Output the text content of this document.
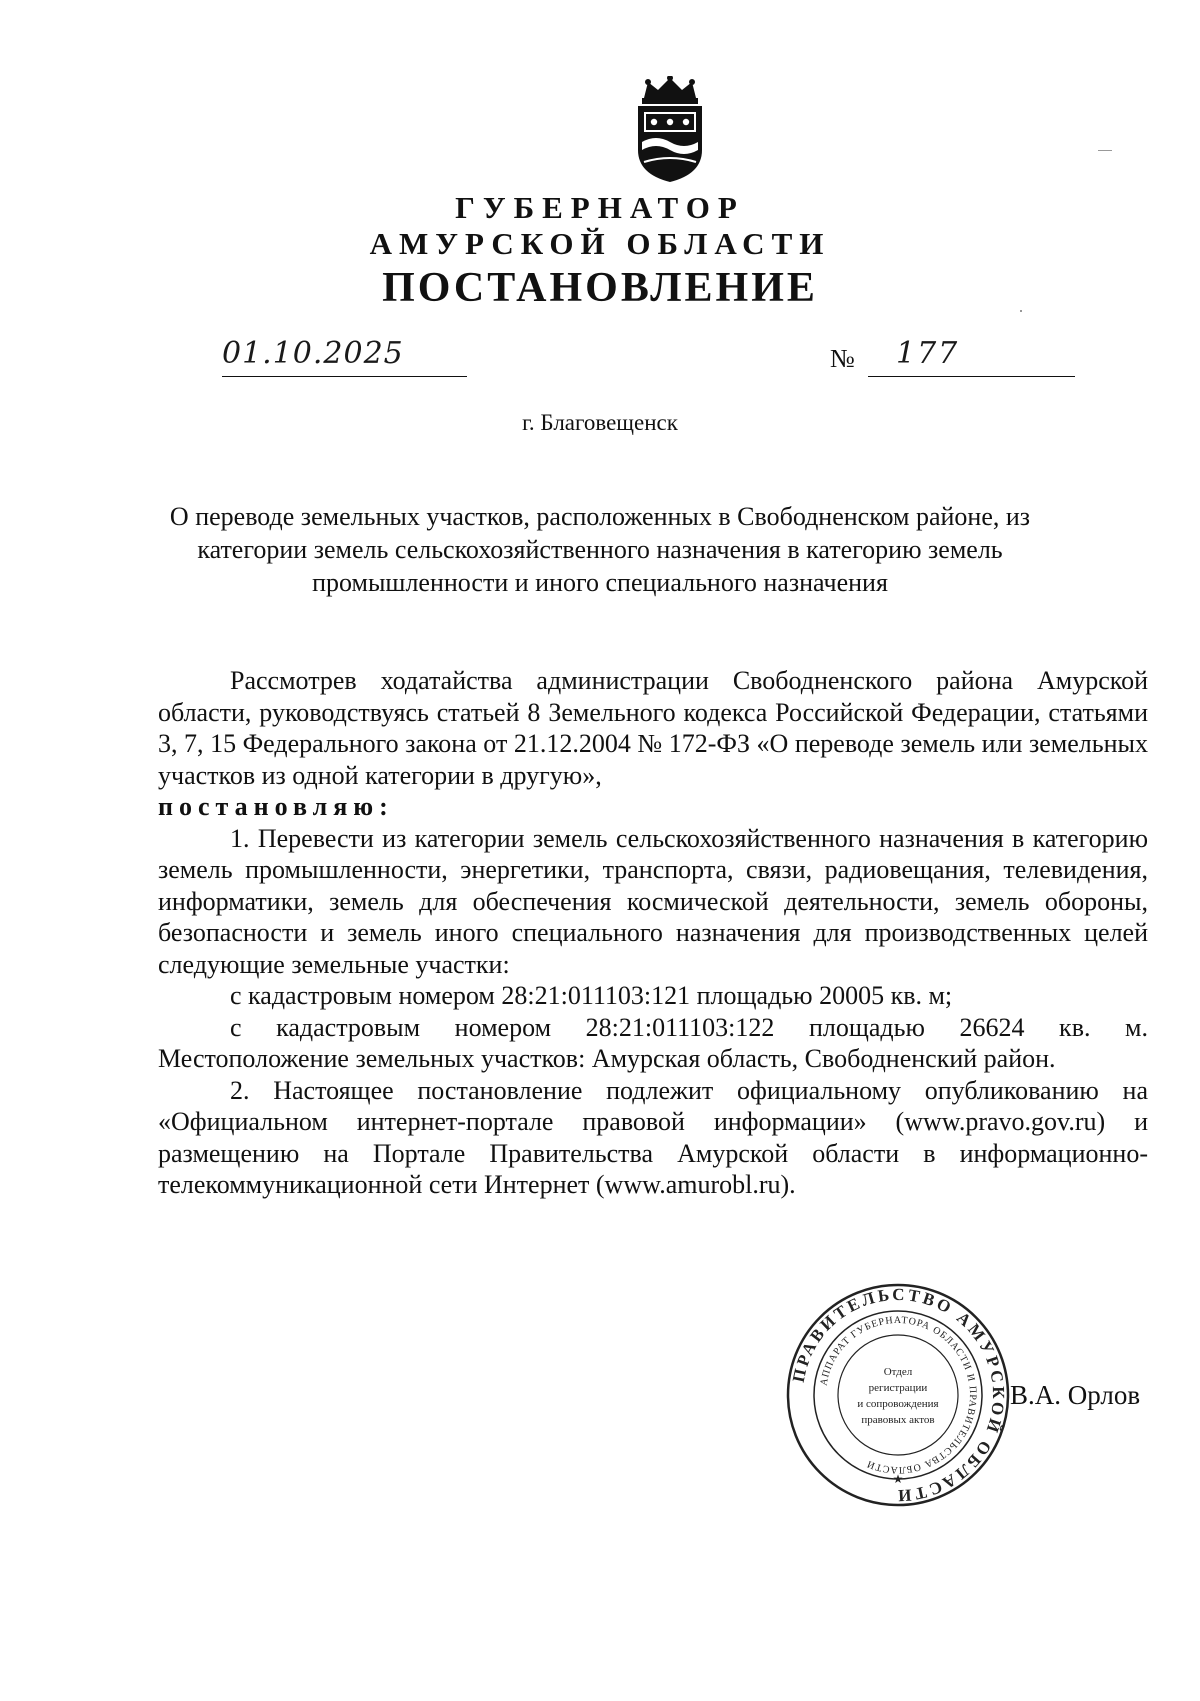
ГУБЕРНАТОР
АМУРСКОЙ ОБЛАСТИ
ПОСТАНОВЛЕНИЕ
01.10.2025	№ 177
г. Благовещенск
О переводе земельных участков, расположенных в Свободненском районе, из категории земель сельскохозяйственного назначения в категорию земель промышленности и иного специального назначения

Рассмотрев ходатайства администрации Свободненского района Амурской области, руководствуясь статьей 8 Земельного кодекса Российской Федерации, статьями 3, 7, 15 Федерального закона от 21.12.2004 № 172-ФЗ «О переводе земель или земельных участков из одной категории в другую»,

постановляю:

1. Перевести из категории земель сельскохозяйственного назначения в категорию земель промышленности, энергетики, транспорта, связи, радиовещания, телевидения, информатики, земель для обеспечения космической деятельности, земель обороны, безопасности и земель иного специального назначения для производственных целей следующие земельные участки:

с кадастровым номером 28:21:011103:121 площадью 20005 кв. м;

с кадастровым номером 28:21:011103:122 площадью 26624 кв. м. Местоположение земельных участков: Амурская область, Свободненский район.

2. Настоящее постановление подлежит официальному опубликованию на «Официальном интернет-портале правовой информации» (www.pravo.gov.ru) и размещению на Портале Правительства Амурской области в информационно-телекоммуникационной сети Интернет (www.amurobl.ru).

ПРАВИТЕЛЬСТВО АМУРСКОЙ ОБЛАСТИ
АППАРАТ ГУБЕРНАТОРА ОБЛАСТИ И ПРАВИТЕЛЬСТВА ОБЛАСТИ
Отдел
регистрации
и сопровождения
правовых актов
★
В.А. Орлов
